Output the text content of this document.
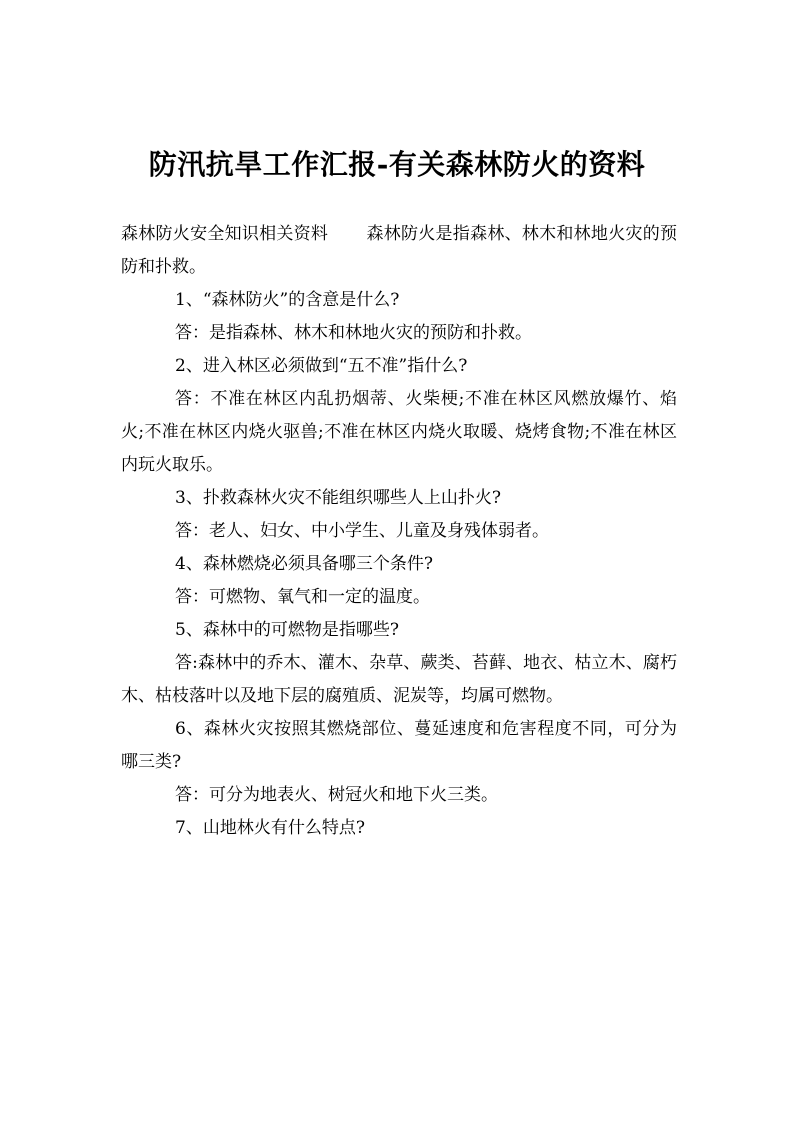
防汛抗旱工作汇报-有关森林防火的资料

森林防火安全知识相关资料 森林防火是指森林、林木和林地火灾的预防和扑救。

1、“森林防火”的含意是什么?

答：是指森林、林木和林地火灾的预防和扑救。

2、进入林区必须做到“五不准”指什么?

答：不准在林区内乱扔烟蒂、火柴梗;不准在林区风燃放爆竹、焰火;不准在林区内烧火驱兽;不准在林区内烧火取暖、烧烤食物;不准在林区内玩火取乐。

3、扑救森林火灾不能组织哪些人上山扑火?

答：老人、妇女、中小学生、儿童及身残体弱者。

4、森林燃烧必须具备哪三个条件?

答：可燃物、氧气和一定的温度。

5、森林中的可燃物是指哪些?

答:森林中的乔木、灌木、杂草、蕨类、苔藓、地衣、枯立木、腐朽木、枯枝落叶以及地下层的腐殖质、泥炭等，均属可燃物。

6、森林火灾按照其燃烧部位、蔓延速度和危害程度不同，可分为哪三类?

答：可分为地表火、树冠火和地下火三类。

7、山地林火有什么特点?
